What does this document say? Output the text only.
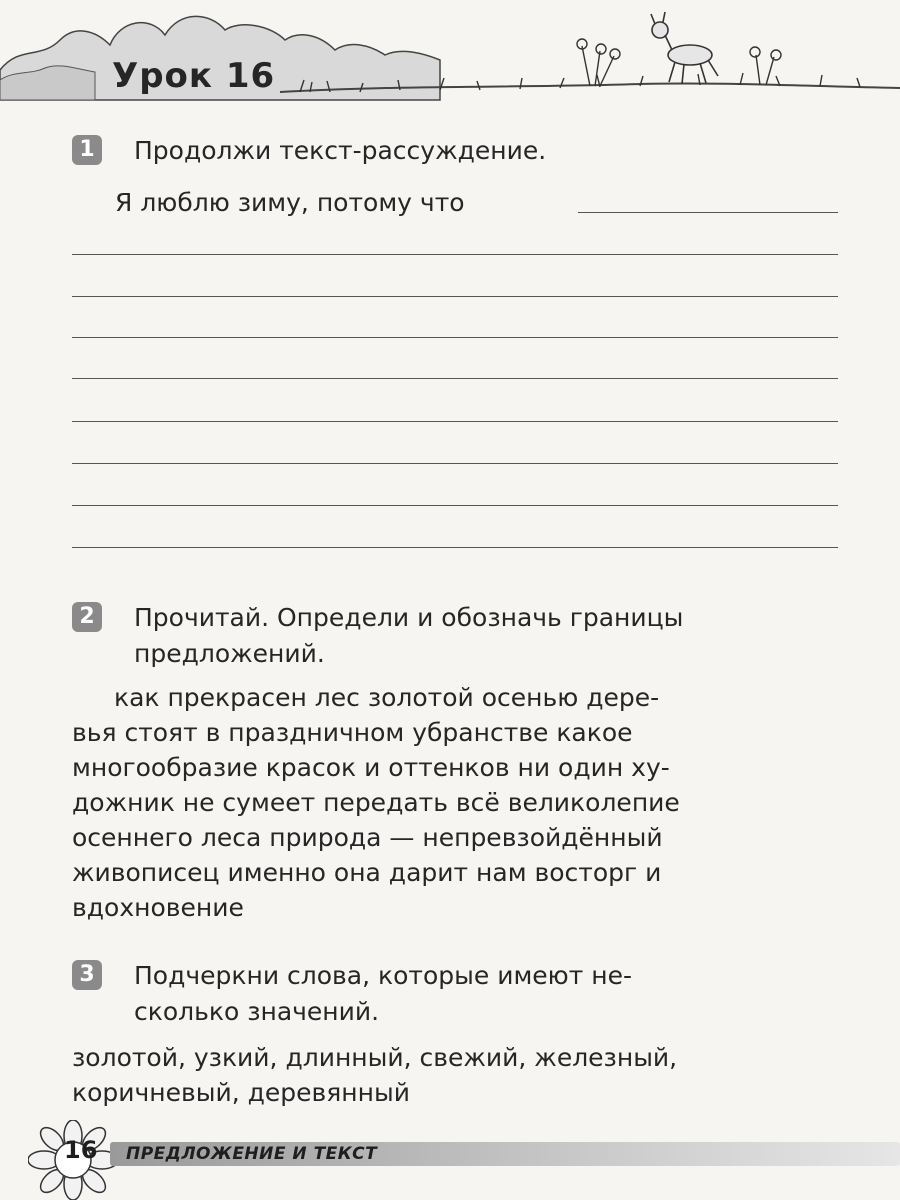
Урок 16
1 Продолжи текст-рассуждение.
Я люблю зиму, потому что
2 Прочитай. Определи и обозначь границы
предложений.
как прекрасен лес золотой осенью дере-
вья стоят в праздничном убранстве какое
многообразие красок и оттенков ни один ху-
дожник не сумеет передать всё великолепие
осеннего леса природа — непревзойдённый
живописец именно она дарит нам восторг и
вдохновение
3 Подчеркни слова, которые имеют не-
сколько значений.
золотой, узкий, длинный, свежий, железный,
коричневый, деревянный
16 ПРЕДЛОЖЕНИЕ И ТЕКСТ
